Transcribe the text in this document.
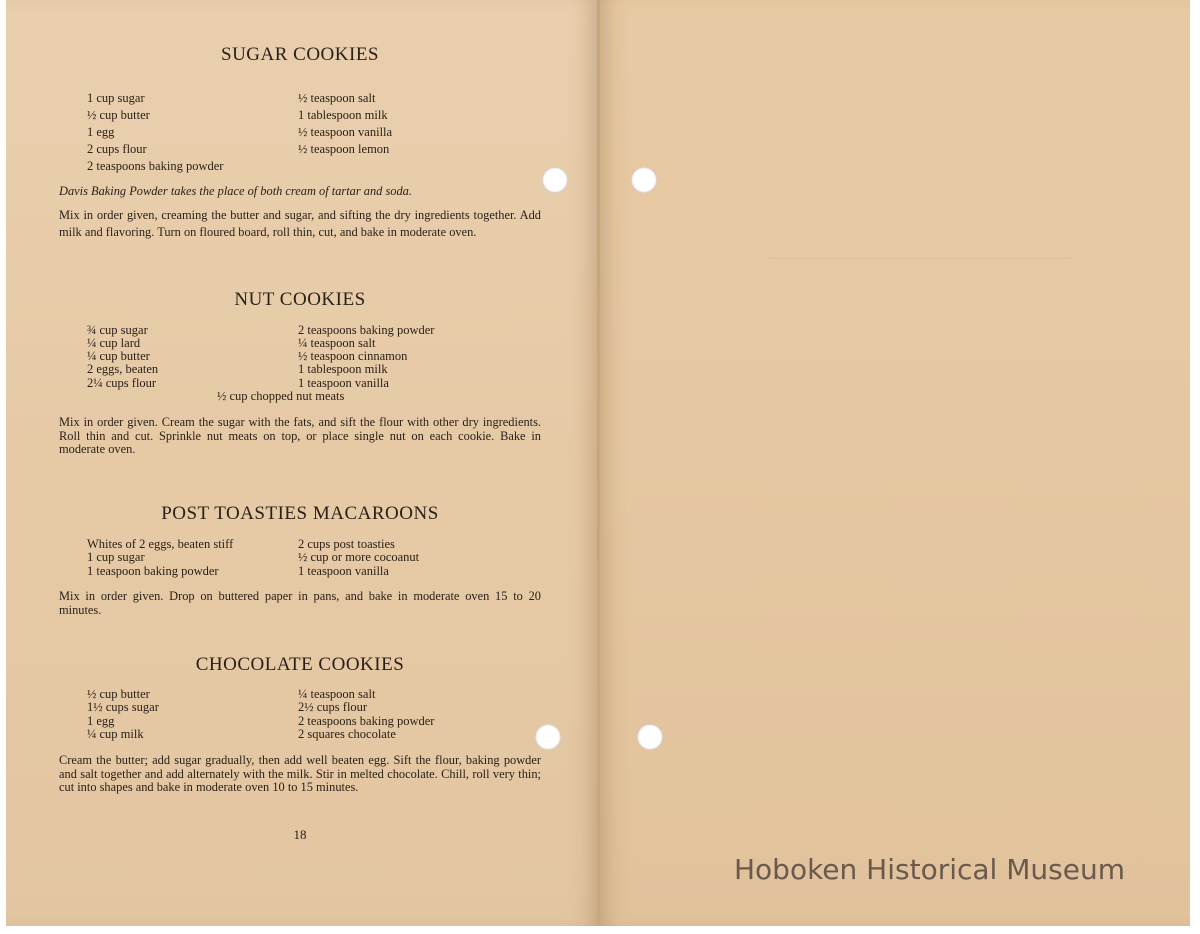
SUGAR COOKIES
1 cup sugar
½ cup butter
1 egg
2 cups flour
2 teaspoons baking powder
½ teaspoon salt
1 tablespoon milk
½ teaspoon vanilla
½ teaspoon lemon

Davis Baking Powder takes the place of both cream of tartar and soda.

Mix in order given, creaming the butter and sugar, and sifting the dry ingredients together. Add milk and flavoring. Turn on floured board, roll thin, cut, and bake in moderate oven.

NUT COOKIES
¾ cup sugar
¼ cup lard
¼ cup butter
2 eggs, beaten
2¼ cups flour
2 teaspoons baking powder
¼ teaspoon salt
½ teaspoon cinnamon
1 tablespoon milk
1 teaspoon vanilla
½ cup chopped nut meats

Mix in order given. Cream the sugar with the fats, and sift the flour with other dry ingredients. Roll thin and cut. Sprinkle nut meats on top, or place single nut on each cookie. Bake in moderate oven.

POST TOASTIES MACAROONS
Whites of 2 eggs, beaten stiff
1 cup sugar
1 teaspoon baking powder
2 cups post toasties
½ cup or more cocoanut
1 teaspoon vanilla

Mix in order given. Drop on buttered paper in pans, and bake in moderate oven 15 to 20 minutes.

CHOCOLATE COOKIES
½ cup butter
1½ cups sugar
1 egg
¼ cup milk
¼ teaspoon salt
2½ cups flour
2 teaspoons baking powder
2 squares chocolate

Cream the butter; add sugar gradually, then add well beaten egg. Sift the flour, baking powder and salt together and add alternately with the milk. Stir in melted chocolate. Chill, roll very thin; cut into shapes and bake in moderate oven 10 to 15 minutes.

18
Hoboken Historical Museum
